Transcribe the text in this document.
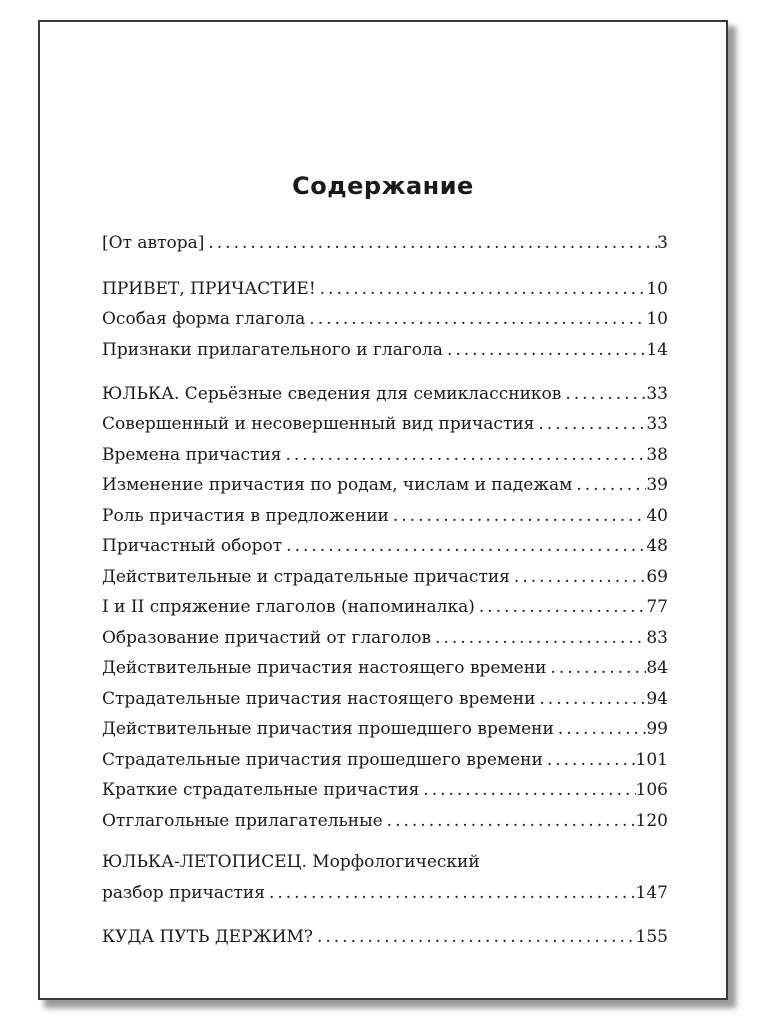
Содержание
[От автора] .....	3
ПРИВЕТ, ПРИЧАСТИЕ! .....	10
Особая форма глагола .....	10
Признаки прилагательного и глагола .....	14
ЮЛЬКА. Серьёзные сведения для семиклассников .....	33
Совершенный и несовершенный вид причастия .....	33
Времена причастия .....	38
Изменение причастия по родам, числам и падежам .....	39
Роль причастия в предложении .....	40
Причастный оборот .....	48
Действительные и страдательные причастия .....	69
I и II спряжение глаголов (напоминалка) .....	77
Образование причастий от глаголов .....	83
Действительные причастия настоящего времени .....	84
Страдательные причастия настоящего времени .....	94
Действительные причастия прошедшего времени .....	99
Страдательные причастия прошедшего времени .....	101
Краткие страдательные причастия .....	106
Отглагольные прилагательные .....	120
ЮЛЬКА-ЛЕТОПИСЕЦ. Морфологический
разбор причастия .....	147
КУДА ПУТЬ ДЕРЖИМ? .....	155
